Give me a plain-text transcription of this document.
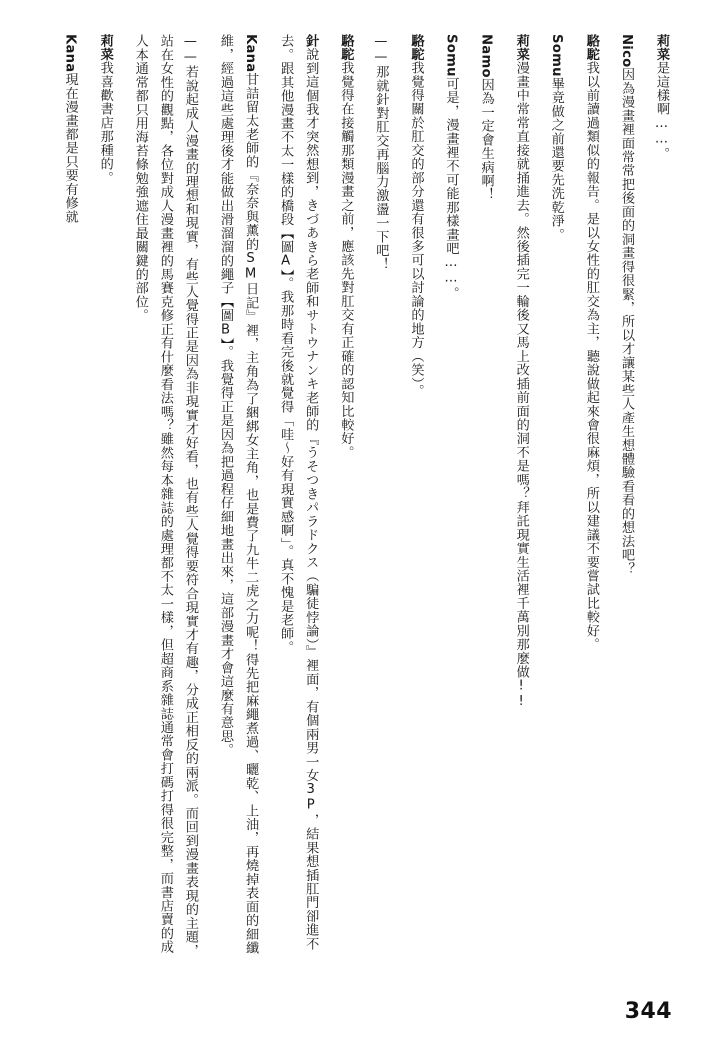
莉菜是這樣啊……。
Nico因為漫畫裡面常常把後面的洞畫得很緊，所以才讓某些人產生想體驗看看的想法吧？
駱駝我以前讀過類似的報告。是以女性的肛交為主，聽說做起來會很麻煩，所以建議不要嘗試比較好。
Somu畢竟做之前還要先洗乾淨。
莉菜漫畫中常常直接就捅進去。然後插完一輪後又馬上改插前面的洞不是嗎？拜託現實生活裡千萬別那麼做!!
Namo因為一定會生病啊！
Somu可是，漫畫裡不可能那樣畫吧……。
駱駝我覺得關於肛交的部分還有很多可以討論的地方（笑）。
——那就針對肛交再腦力激盪一下吧！
駱駝我覺得在接觸那類漫畫之前，應該先對肛交有正確的認知比較好。
針說到這個我才突然想到，きづあきら老師和サトウナンキ老師的『うそつきパラドクス（騙徒悖論）』裡面，有個兩男一女3P，結果想插肛門卻進不去。跟其他漫畫不太一樣的橋段【圖A】。我那時看完後就覺得「哇～好有現實感啊」。真不愧是老師。
Kana甘詰留太老師的『奈奈與薰的SM日記』裡，主角為了綑綁女主角，也是費了九牛二虎之力呢！得先把麻繩煮過、曬乾、上油，再燒掉表面的細纖維，經過這些處理後才能做出滑溜溜的繩子【圖B】。我覺得正是因為把過程仔細地畫出來，這部漫畫才會這麼有意思。
——若說起成人漫畫的理想和現實，有些人覺得正是因為非現實才好看，也有些人覺得要符合現實才有趣，分成正相反的兩派。而回到漫畫表現的主題，站在女性的觀點，各位對成人漫畫裡的馬賽克修正有什麼看法嗎？雖然每本雜誌的處理都不太一樣，但超商系雜誌通常會打碼打得很完整，而書店賣的成人本通常都只用海苔條勉強遮住最關鍵的部位。
莉菜我喜歡書店那種的。
Kana現在漫畫都是只要有修就
344
